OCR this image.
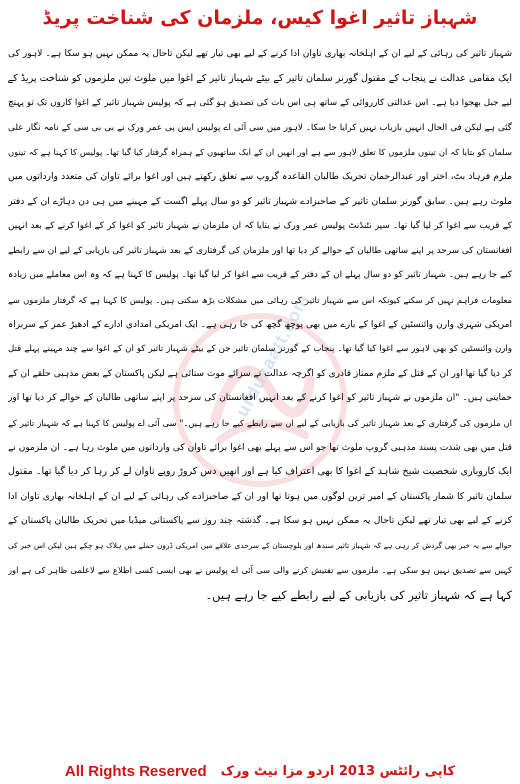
شہباز تاثیر اغوا کیس، ملزمان کی شناخت پریڈ
urduzaatt.com
شہباز تاثیر کی رہائی کے لیے ان کے اہلخانہ بھاری تاوان ادا کرنے کے لیے بھی تیار تھے لیکن تاحال یہ ممکن نہیں ہو سکا ہے۔ لاہور کی
ایک مقامی عدالت نے پنجاب کے مقتول گورنر سلمان تاثیر کے بیٹے شہباز تاثیر کے اغوا میں ملوث تین ملزموں کو شناخت پریڈ کے
لیے جیل بھجوا دیا ہے۔ اس عدالتی کارروائی کے ساتھ ہی اس بات کی تصدیق ہو گئی ہے کہ پولیس شہباز تاثیر کے اغوا کاروں تک تو پہنچ
گئی ہے لیکن فی الحال انہیں بازیاب نہیں کرایا جا سکا۔ لاہور میں سی آئی اے پولیس ایس پی عمر ورک نے بی بی سی کے نامہ نگار علی
سلمان کو بتایا کہ ان تینوں ملزموں کا تعلق لاہور سے ہے اور انھیں ان کے ایک ساتھیوں کے ہمراہ گرفتار کیا گیا تھا۔ پولیس کا کہنا ہے کہ تینوں
ملزم فرہاد بٹ، اختر اور عبدالرحمان تحریک طالبان القاعدہ گروپ سے تعلق رکھتے ہیں اور اغوا برائے تاوان کی متعدد وارداتوں میں
ملوث رہے ہیں۔ سابق گورنر سلمان تاثیر کے صاحبزادے شہباز تاثیر کو دو سال پہلے اگست کے مہینے میں ہی دن دہاڑے ان کے دفتر
کے قریب سے اغوا کر لیا گیا تھا۔ سپر نٹنڈنٹ پولیس عمر ورک نے بتایا کہ ان ملزمان نے شہباز تاثیر کو اغوا کر کے اغوا کرنے کے بعد انہیں
افغانستان کی سرحد پر اپنے ساتھی طالبان کے حوالے کر دیا تھا اور ملزمان کی گرفتاری کے بعد شہباز تاثیر کی بازیابی کے لیے ان سے رابطے
کیے جا رہے ہیں۔ شہباز تاثیر کو دو سال پہلے ان کے دفتر کے قریب سے اغوا کر لیا گیا تھا۔ پولیس کا کہنا ہے کہ وہ اس معاملے میں زیادہ
معلومات فراہم نہیں کر سکتے کیونکہ اس سے شہباز تاثیر کی رہائی میں مشکلات بڑھ سکتی ہیں۔ پولیس کا کہنا ہے کہ گرفتار ملزموں سے
امریکی شہری وارن وائنسٹین کے اغوا کے بارے میں بھی پوچھ گچھ کی جا رہی ہے۔ ایک امریکی امدادی ادارے کے ادھیڑ عمر کے سربراہ
وارن وائنسٹین کو بھی لاہور سے اغوا کیا گیا تھا۔ پنجاب کے گورنر سلمان تاثیر جن کے بیٹے شہباز تاثیر کو ان کے اغوا سے چند مہینے پہلے قتل
کر دیا گیا تھا اور ان کے قتل کے ملزم ممتاز قادری کو اگرچہ عدالت نے سزائے موت سنائی ہے لیکن پاکستان کے بعض مذہبی حلقے ان کے
حمایتی ہیں۔ "ان ملزموں نے شہباز تاثیر کو اغوا کرنے کے بعد انہیں افغانستان کی سرحد پر اپنے ساتھی طالبان کے حوالے کر دیا تھا اور
ان ملزموں کی گرفتاری کے بعد شہباز تاثیر کی بازیابی کے لیے ان سے رابطے کیے جا رہے ہیں۔" سی آئی اے پولیس کا کہنا ہے کہ شہباز تاثیر کے
قتل میں بھی شدت پسند مذہبی گروپ ملوث تھا جو اس سے پہلے بھی اغوا برائے تاوان کی وارداتوں میں ملوث رہا ہے۔ ان ملزموں نے
ایک کاروباری شخصیت شیخ شاہد کے اغوا کا بھی اعتراف کیا ہے اور انھیں دس کروڑ روپے تاوان لے کر رہا کر دیا گیا تھا۔ مقتول
سلمان تاثیر کا شمار پاکستان کے امیر ترین لوگوں میں ہوتا تھا اور ان کے صاحبزادے کی رہائی کے لیے ان کے اہلخانہ بھاری تاوان ادا
کرنے کے لیے بھی تیار تھے لیکن تاحال یہ ممکن نہیں ہو سکا ہے۔ گذشتہ چند روز سے پاکستانی میڈیا میں تحریک طالبان پاکستان کے
حوالے سے یہ خبر بھی گردش کر رہی ہے کہ شہباز تاثیر سندھ اور بلوچستان کے سرحدی علاقے میں امریکی ڈرون حملے میں ہلاک ہو چکے ہیں لیکن اس خبر کی
کہیں سے تصدیق نہیں ہو سکی ہے۔ ملزموں سے تفتیش کرنے والی سی آئی اے پولیس نے بھی ایسی کسی اطلاع سے لاعلمی ظاہر کی ہے اور
کہا ہے کہ شہباز تاثیر کی بازیابی کے لیے رابطے کیے جا رہے ہیں۔
All Rights Reserved کاپی رائٹس 2013 اردو مزا نیٹ ورک
